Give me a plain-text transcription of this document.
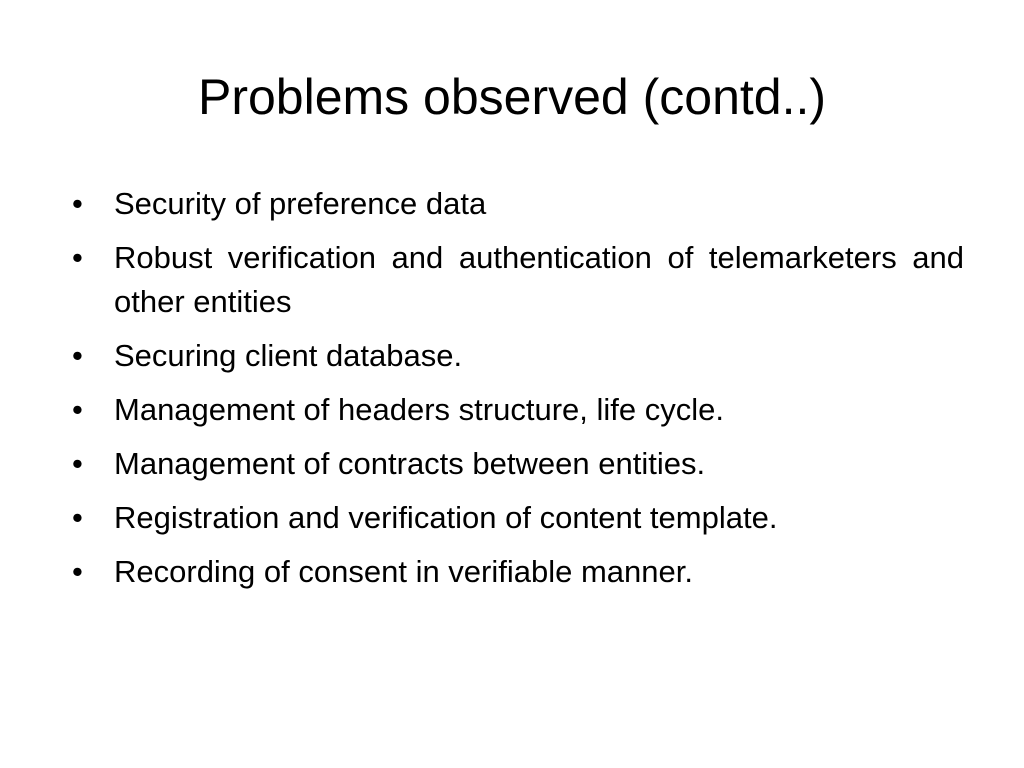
Problems observed (contd..)
• Security of preference data
• Robust verification and authentication of telemarketers and other entities
• Securing client database.
• Management of headers structure, life cycle.
• Management of contracts between entities.
• Registration and verification of content template.
• Recording of consent in verifiable manner.
